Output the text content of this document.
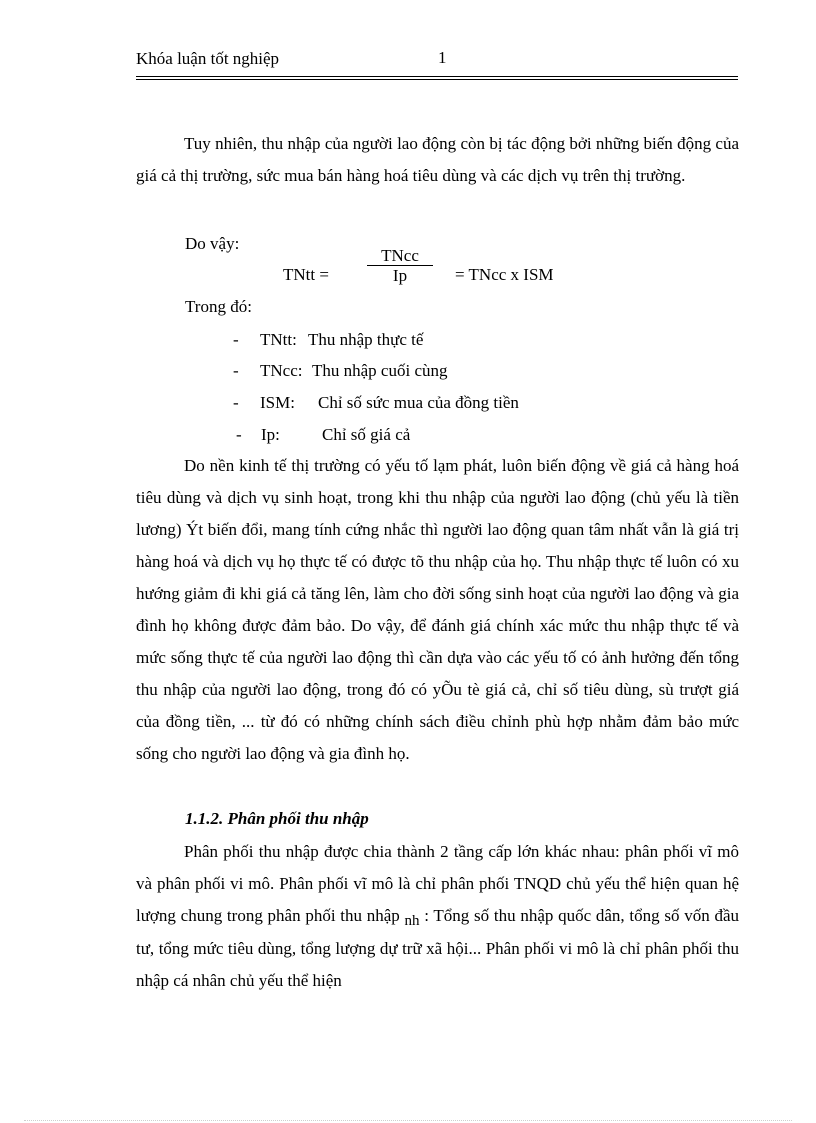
Khóa luận tốt nghiệp	1

Tuy nhiên, thu nhập của người lao động còn bị tác động bởi những biến động của giá cả thị trường, sức mua bán hàng hoá tiêu dùng và các dịch vụ trên thị trường.

Do vậy:
TNtt =
TNcc
Ip	= TNcc x ISM
Trong đó:
- TNtt: Thu nhập thực tế
- TNcc: Thu nhập cuối cùng
- ISM: Chỉ số sức mua của đồng tiền
- Ip: Chỉ số giá cả

Do nền kinh tế thị trường có yếu tố lạm phát, luôn biến động về giá cả hàng hoá tiêu dùng và dịch vụ sinh hoạt, trong khi thu nhập của người lao động (chủ yếu là tiền lương) Ýt biến đổi, mang tính cứng nhắc thì người lao động quan tâm nhất vẫn là giá trị hàng hoá và dịch vụ họ thực tế có được tõ thu nhập của họ. Thu nhập thực tế luôn có xu hướng giảm đi khi giá cả tăng lên, làm cho đời sống sinh hoạt của người lao động và gia đình họ không được đảm bảo. Do vậy, để đánh giá chính xác mức thu nhập thực tế và mức sống thực tế của người lao động thì cần dựa vào các yếu tố có ảnh hưởng đến tổng thu nhập của người lao động, trong đó có yÕu tè giá cả, chỉ số tiêu dùng, sù trượt giá của đồng tiền, ... từ đó có những chính sách điều chỉnh phù hợp nhằm đảm bảo mức sống cho người lao động và gia đình họ.

1.1.2. Phân phối thu nhập

Phân phối thu nhập được chia thành 2 tầng cấp lớn khác nhau: phân phối vĩ mô và phân phối vi mô. Phân phối vĩ mô là chỉ phân phối TNQD chủ yếu thể hiện quan hệ lượng chung trong phân phối thu nhập nh : Tổng số thu nhập quốc dân, tổng số vốn đầu tư, tổng mức tiêu dùng, tổng lượng dự trữ xã hội... Phân phối vi mô là chỉ phân phối thu nhập cá nhân chủ yếu thể hiện
